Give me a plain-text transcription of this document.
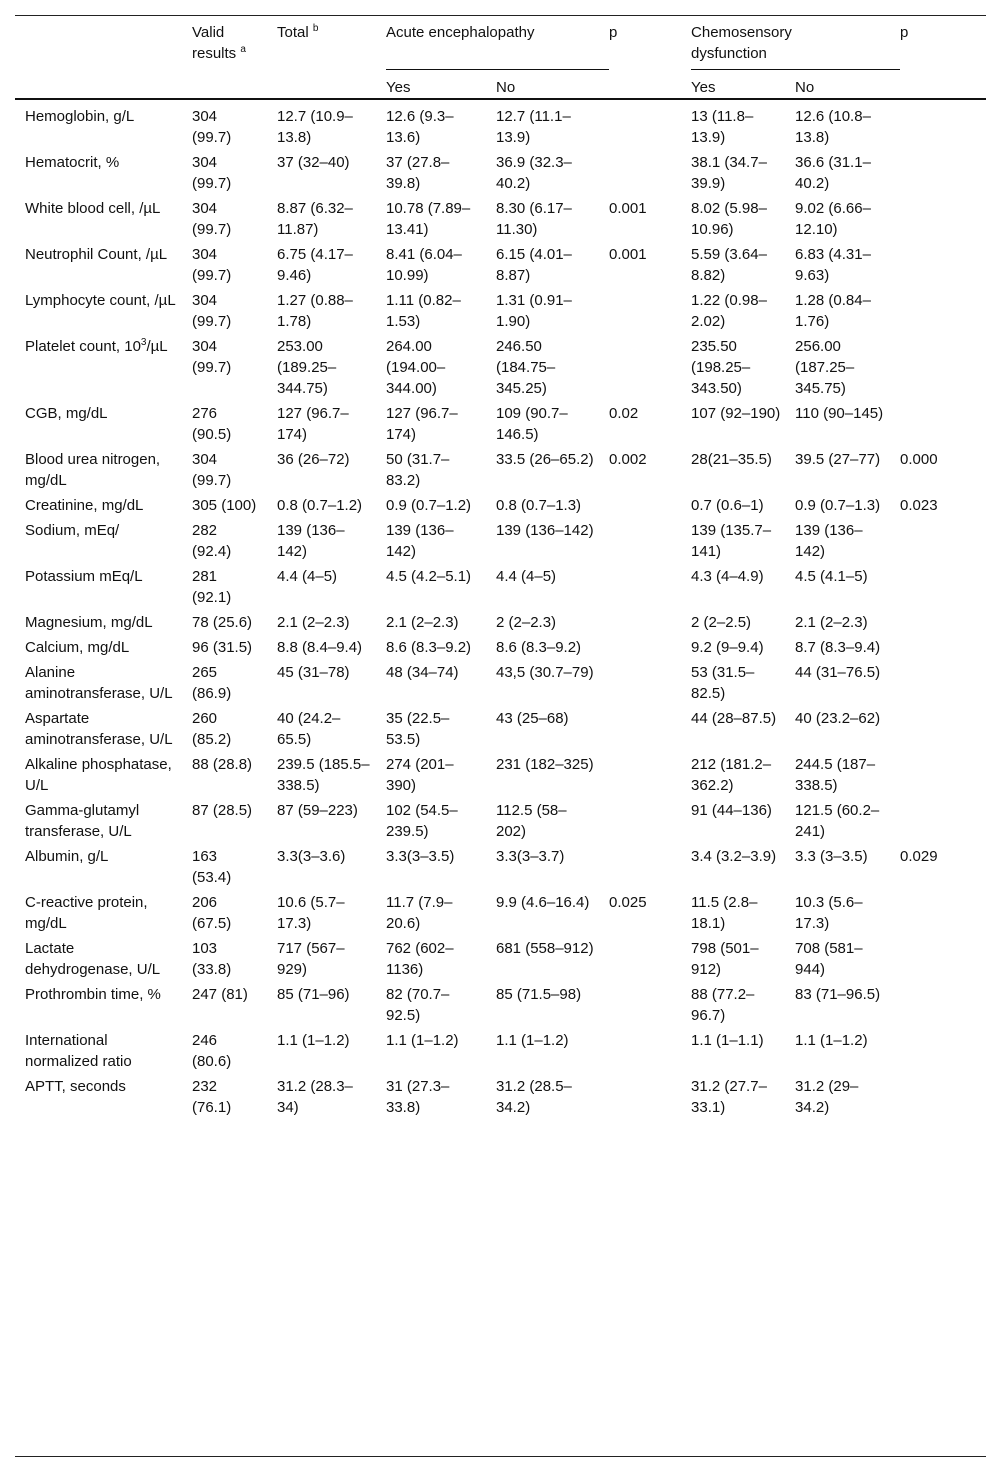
	Valid results $^a$	Total $^b$	Acute encephalopathy		p	Chemosensory dysfunction		p
			Yes	No		Yes	No	
Hemoglobin, g/L	304 (99.7)	12.7 (10.9–13.8)	12.6 (9.3–13.6)	12.7 (11.1–13.9)		13 (11.8–13.9)	12.6 (10.8–13.8)	
Hematocrit, %	304 (99.7)	37 (32–40)	37 (27.8–39.8)	36.9 (32.3–40.2)		38.1 (34.7–39.9)	36.6 (31.1–40.2)	
White blood cell, /µL	304 (99.7)	8.87 (6.32–11.87)	10.78 (7.89–13.41)	8.30 (6.17–11.30)	0.001	8.02 (5.98–10.96)	9.02 (6.66–12.10)	
Neutrophil Count, /µL	304 (99.7)	6.75 (4.17–9.46)	8.41 (6.04–10.99)	6.15 (4.01–8.87)	0.001	5.59 (3.64–8.82)	6.83 (4.31–9.63)	
Lymphocyte count, /µL	304 (99.7)	1.27 (0.88–1.78)	1.11 (0.82–1.53)	1.31 (0.91–1.90)		1.22 (0.98–2.02)	1.28 (0.84–1.76)	
Platelet count, $10^3/\mu L$	304 (99.7)	253.00 (189.25–344.75)	264.00 (194.00–344.00)	246.50 (184.75–345.25)		235.50 (198.25–343.50)	256.00 (187.25–345.75)	
CGB, mg/dL	276 (90.5)	127 (96.7–174)	127 (96.7–174)	109 (90.7–146.5)	0.02	107 (92–190)	110 (90–145)	
Blood urea nitrogen, mg/dL	304 (99.7)	36 (26–72)	50 (31.7–83.2)	33.5 (26–65.2)	0.002	28(21–35.5)	39.5 (27–77)	0.000
Creatinine, mg/dL	305 (100)	0.8 (0.7–1.2)	0.9 (0.7–1.2)	0.8 (0.7–1.3)		0.7 (0.6–1)	0.9 (0.7–1.3)	0.023
Sodium, mEq/	282 (92.4)	139 (136–142)	139 (136–142)	139 (136–142)		139 (135.7–141)	139 (136–142)	
Potassium mEq/L	281 (92.1)	4.4 (4–5)	4.5 (4.2–5.1)	4.4 (4–5)		4.3 (4–4.9)	4.5 (4.1–5)	
Magnesium, mg/dL	78 (25.6)	2.1 (2–2.3)	2.1 (2–2.3)	2 (2–2.3)		2 (2–2.5)	2.1 (2–2.3)	
Calcium, mg/dL	96 (31.5)	8.8 (8.4–9.4)	8.6 (8.3–9.2)	8.6 (8.3–9.2)		9.2 (9–9.4)	8.7 (8.3–9.4)	
Alanine aminotransferase, U/L	265 (86.9)	45 (31–78)	48 (34–74)	43,5 (30.7–79)		53 (31.5–82.5)	44 (31–76.5)	
Aspartate aminotransferase, U/L	260 (85.2)	40 (24.2–65.5)	35 (22.5–53.5)	43 (25–68)		44 (28–87.5)	40 (23.2–62)	
Alkaline phosphatase, U/L	88 (28.8)	239.5 (185.5–338.5)	274 (201–390)	231 (182–325)		212 (181.2–362.2)	244.5 (187–338.5)	
Gamma-glutamyl transferase, U/L	87 (28.5)	87 (59–223)	102 (54.5–239.5)	112.5 (58–202)		91 (44–136)	121.5 (60.2–241)	
Albumin, g/L	163 (53.4)	3.3(3–3.6)	3.3(3–3.5)	3.3(3–3.7)		3.4 (3.2–3.9)	3.3 (3–3.5)	0.029
C-reactive protein, mg/dL	206 (67.5)	10.6 (5.7–17.3)	11.7 (7.9–20.6)	9.9 (4.6–16.4)	0.025	11.5 (2.8–18.1)	10.3 (5.6–17.3)	
Lactate dehydrogenase, U/L	103 (33.8)	717 (567–929)	762 (602–1136)	681 (558–912)		798 (501–912)	708 (581–944)	
Prothrombin time, %	247 (81)	85 (71–96)	82 (70.7–92.5)	85 (71.5–98)		88 (77.2–96.7)	83 (71–96.5)	
International normalized ratio	246 (80.6)	1.1 (1–1.2)	1.1 (1–1.2)	1.1 (1–1.2)		1.1 (1–1.1)	1.1 (1–1.2)	
APTT, seconds	232 (76.1)	31.2 (28.3–34)	31 (27.3–33.8)	31.2 (28.5–34.2)		31.2 (27.7–33.1)	31.2 (29–34.2)	
